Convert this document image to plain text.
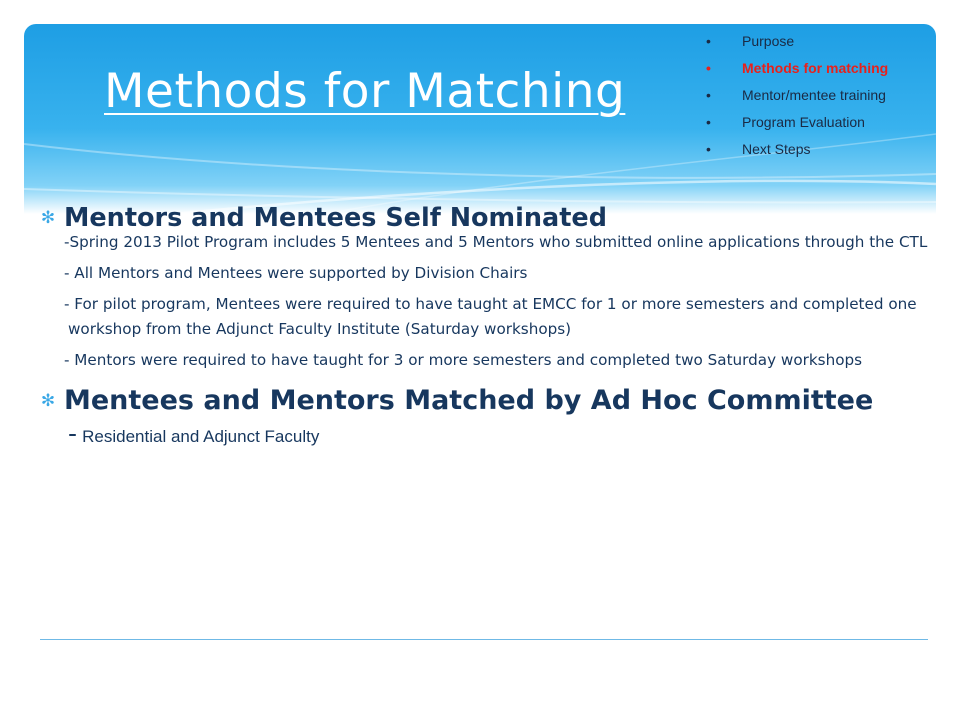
Methods for Matching
• Purpose
• Methods for matching
• Mentor/mentee training
• Program Evaluation
• Next Steps
✻ Mentors and Mentees Self Nominated
-Spring 2013 Pilot Program includes 5 Mentees and 5 Mentors who submitted online applications through the CTL
- All Mentors and Mentees were supported by Division Chairs
- For pilot program, Mentees were required to have taught at EMCC for 1 or more semesters and completed one workshop from the Adjunct Faculty Institute (Saturday workshops)
- Mentors were required to have taught for 3 or more semesters and completed two Saturday workshops
✻ Mentees and Mentors Matched by Ad Hoc Committee
- Residential and Adjunct Faculty
